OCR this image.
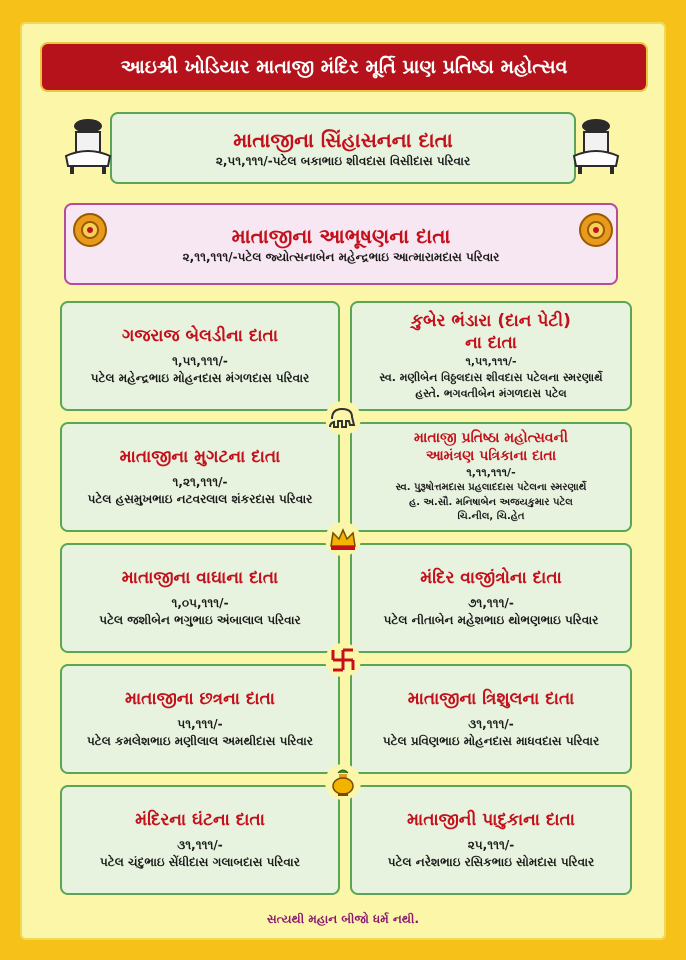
આઇશ્રી ખોડિયાર માતાજી મંદિર મૂર્તિ પ્રાણ પ્રતિષ્ઠા મહોત્સવ
માતાજીના સિંહાસનના દાતા
૨,૫૧,૧૧૧/-પટેલ બકાભાઇ શીવદાસ વિસીદાસ પરિવાર
માતાજીના આભૂષણના દાતા
૨,૧૧,૧૧૧/-પટેલ જ્યોત્સનાબેન મહેન્દ્રભાઇ આત્મારામદાસ પરિવાર
ગજરાજ બેલડીના દાતા
૧,૫૧,૧૧૧/-
પટેલ મહેન્દ્રભાઇ મોહનદાસ મંગળદાસ પરિવાર
માતાજીના મુગટના દાતા
૧,૨૧,૧૧૧/-
પટેલ હસમુખભાઇ નટવરલાલ શંકરદાસ પરિવાર
માતાજીના વાઘાના દાતા
૧,૦૫,૧૧૧/-
પટેલ જશીબેન ભગુભાઇ અંબાલાલ પરિવાર
માતાજીના છત્રના દાતા
૫૧,૧૧૧/-
પટેલ કમલેશભાઇ મણીલાલ અમથીદાસ પરિવાર
મંદિરના ઘંટના દાતા
૩૧,૧૧૧/-
પટેલ ચંદુભાઇ સેંધીદાસ ગલાબદાસ પરિવાર
કુબેર ભંડારા (દાન પેટી)
ના દાતા
૧,૫૧,૧૧૧/-
સ્વ. મણીબેન વિઠ્ઠલદાસ શીવદાસ પટેલના સ્મરણાર્થે
હસ્તે. ભગવતીબેન મંગળદાસ પટેલ
માતાજી પ્રતિષ્ઠા મહોત્સવની
આમંત્રણ પત્રિકાના દાતા
૧,૧૧,૧૧૧/-
સ્વ. પુરૂષોત્તમદાસ પ્રહલાદદાસ પટેલના સ્મરણાર્થે
હ. અ.સૌ. મનિષાબેન અજયકુમાર પટેલ
ચિ.નીલ, ચિ.હેત
મંદિર વાજીંત્રોના દાતા
૭૧,૧૧૧/-
પટેલ નીતાબેન મહેશભાઇ થોભણભાઇ પરિવાર
માતાજીના ત્રિશુલના દાતા
૩૧,૧૧૧/-
પટેલ પ્રવિણભાઇ મોહનદાસ માધવદાસ પરિવાર
માતાજીની પાદુકાના દાતા
૨૫,૧૧૧/-
પટેલ નરેશભાઇ રસિકભાઇ સોમદાસ પરિવાર
સત્યથી મહાન બીજો ધર્મ નથી.
